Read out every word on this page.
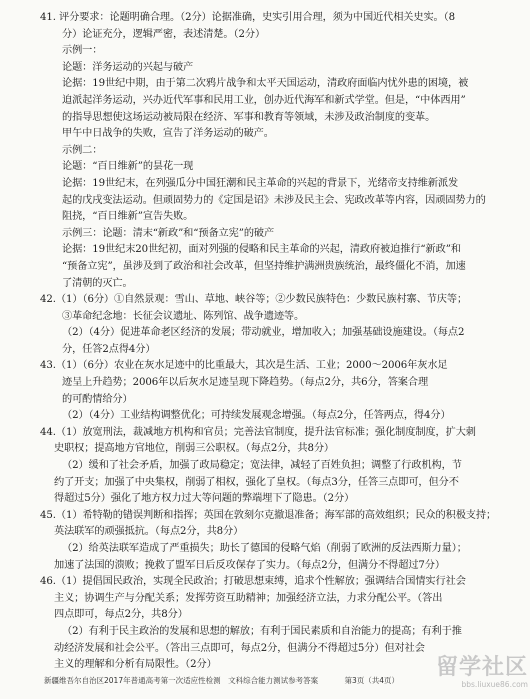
41. 评分要求：论题明确合理。（2分）论据准确，史实引用合理，须为中国近代相关史实。（8
分）论证充分，逻辑严密，表述清楚。（2分）
示例一：
论题：洋务运动的兴起与破产
论据：19世纪中期，由于第二次鸦片战争和太平天国运动，清政府面临内忧外患的困境，被
迫派起洋务运动，兴办近代军事和民用工业，创办近代海军和新式学堂。但是，“中体西用”
的指导思想使这场运动被局限在经济、军事和教育等领域，未涉及政治制度的变革。
甲午中日战争的失败，宣告了洋务运动的破产。
示例二：
论题：“百日维新”的昙花一现
论据：19世纪末，在列强瓜分中国狂潮和民主革命的兴起的背景下，光绪帝支持维新派发
起的戊戌变法运动。但顽固势力的《定国是诏》未涉及民主会、宪政改革等内容，因顽固势力的
阻挠，“百日维新”宣告失败。
示例三：论题：清末“新政”和“预备立宪”的破产
论据：19世纪末20世纪初，面对列强的侵略和民主革命的兴起，清政府被迫推行“新政”和
“预备立宪”，虽涉及到了政治和社会改革，但坚持维护满洲贵族统治，最终僵化不消，加速
了清朝的灭亡。
42.（1）（6分）①自然景观：雪山、草地、峡谷等；②少数民族特色：少数民族村寨、节庆等；
③革命纪念地：长征会议遗址、陈列馆、战争遗迹等。
（2）（4分）促进革命老区经济的发展；带动就业，增加收入；加强基础设施建设。（每点2
分，任答2点得4分）
43.（1）（6分）农业在灰水足迹中的比重最大，其次是生活、工业；2000～2006年灰水足
迹呈上升趋势；2006年以后灰水足迹呈现下降趋势。（每点2分，共6分，答案合理
的可酌情给分）
（2）（4分）工业结构调整优化；可持续发展观念增强。（每点2分，任答两点，得4分）
44.（1）放宽刑法，裁减地方机构和官员；完善法官制度，提升法官标准；强化制度制度，扩大刺
史职权；提高地方官地位，削弱三公职权。（每点2分，共8分）
（2）缓和了社会矛盾，加强了政局稳定；宽法律，减轻了百姓负担；调整了行政机构，节
约了开支；加强了中央集权，削弱了相权，强化了皇权。（每点3分，任答三点即可，但分不
得超过5分）强化了地方权力过大等问题的弊端埋下了隐患。（2分）
45.（1）希特勒的错误判断和指挥；英国在敦刻尔克撤退准备；海军部的高效组织；民众的积极支持；
英法联军的顽强抵抗。（每点2分，共8分）
（2）给英法联军造成了严重损失；助长了德国的侵略气焰（削弱了欧洲的反法西斯力量）；
加速了法国的溃败；挽救了盟军日后反攻保存了实力。（每点2分，但满分不得超过7分）
46.（1）提倡国民政治，实现全民政治；打破思想束缚，追求个性解放；强调结合国情实行社会
主义；协调生产与分配关系；发挥劳资互助精神；加强经济立法，力求分配公平。（答出
四点即可，每点2分，共8分）
（2）有利于民主政治的发展和思想的解放；有利于国民素质和自治能力的提高；有利于推
动经济发展和社会公平。（答出三点即可，每点2分，但满分不得超过5分）但对社会
主义的理解和分析有局限性。（2分）
新疆维吾尔自治区2017年普通高考第一次适应性检测　文科综合能力测试参考答案	第3页（共4页）
留学社区
bbs.liuxue86.com
